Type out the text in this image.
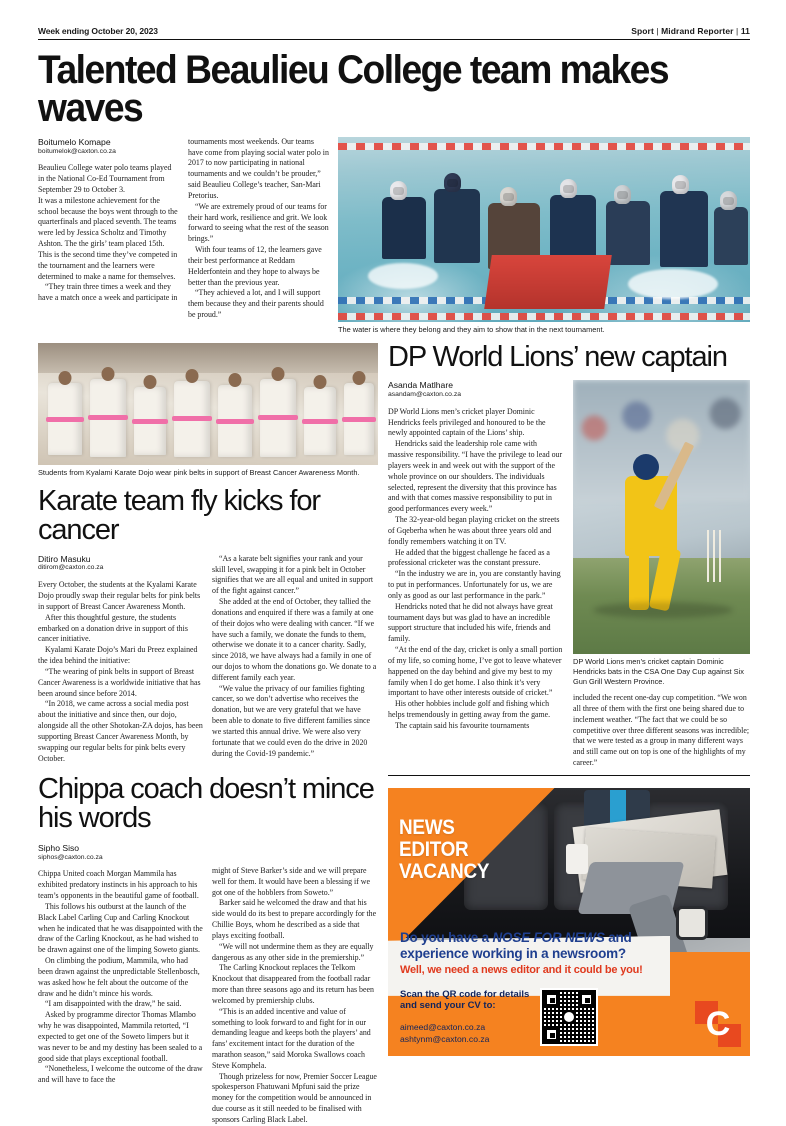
Week ending October 20, 2023	Sport | Midrand Reporter | 11
Talented Beaulieu College team makes waves
Boitumelo Komape
boitumelok@caxton.co.za

Beaulieu College water polo teams played in the National Co-Ed Tournament from September 29 to October 3.

It was a milestone achievement for the school because the boys went through to the quarterfinals and placed seventh. The teams were led by Jessica Scholtz and Timothy Ashton. The the girls’ team placed 15th.

This is the second time they’ve competed in the tournament and the learners were determined to make a name for themselves.

“They train three times a week and they have a match once a week and participate in

tournaments most weekends. Our teams have come from playing social water polo in 2017 to now participating in national tournaments and we couldn’t be prouder,” said Beaulieu College’s teacher, San-Mari Pretorius.

“We are extremely proud of our teams for their hard work, resilience and grit. We look forward to seeing what the rest of the season brings.”

With four teams of 12, the learners gave their best performance at Reddam Helderfontein and they hope to always be better than the previous year.

“They achieved a lot, and I will support them because they and their parents should be proud.”

The water is where they belong and they aim to show that in the next tournament.
Students from Kyalami Karate Dojo wear pink belts in support of Breast Cancer Awareness Month.
Karate team fly kicks for cancer
Ditiro Masuku
ditirom@caxton.co.za

Every October, the students at the Kyalami Karate Dojo proudly swap their regular belts for pink belts in support of Breast Cancer Awareness Month.

After this thoughtful gesture, the students embarked on a donation drive in support of this cancer initiative.

Kyalami Karate Dojo’s Mari du Preez explained the idea behind the initiative:

“The wearing of pink belts in support of Breast Cancer Awareness is a worldwide initiative that has been around since before 2014.

“In 2018, we came across a social media post about the initiative and since then, our dojo, alongside all the other Shotokan-ZA dojos, has been supporting Breast Cancer Awareness Month, by swapping our regular belts for pink belts every October.

“As a karate belt signifies your rank and your skill level, swapping it for a pink belt in October signifies that we are all equal and united in support of the fight against cancer.”

She added at the end of October, they tallied the donations and enquired if there was a family at one of their dojos who were dealing with cancer. “If we have such a family, we donate the funds to them, otherwise we donate it to a cancer charity. Sadly, since 2018, we have always had a family in one of our dojos to whom the donations go. We donate to a different family each year.

“We value the privacy of our families fighting cancer, so we don’t advertise who receives the donation, but we are very grateful that we have been able to donate to five different families since we started this annual drive. We were also very fortunate that we could even do the drive in 2020 during the Covid-19 pandemic.”

DP World Lions’ new captain
Asanda Matlhare
asandam@caxton.co.za

DP World Lions men’s cricket player Dominic Hendricks feels privileged and honoured to be the newly appointed captain of the Lions’ ship.

Hendricks said the leadership role came with massive responsibility. “I have the privilege to lead our players week in and week out with the support of the whole province on our shoulders. The individuals selected, represent the diversity that this province has and with that comes massive responsibility to put in good performances every week.”

The 32-year-old began playing cricket on the streets of Gqeberha when he was about three years old and fondly remembers watching it on TV.

He added that the biggest challenge he faced as a professional cricketer was the constant pressure.

“In the industry we are in, you are constantly having to put in performances. Unfortunately for us, we are only as good as our last performance in the park.”

Hendricks noted that he did not always have great tournament days but was glad to have an incredible support structure that included his wife, friends and family.

“At the end of the day, cricket is only a small portion of my life, so coming home, I’ve got to leave whatever happened on the day behind and give my best to my family when I do get home. I also think it’s very important to have other interests outside of cricket.”

His other hobbies include golf and fishing which helps tremendously in getting away from the game.

The captain said his favourite tournaments

DP World Lions men’s cricket captain Dominic Hendricks bats in the CSA One Day Cup against Six Gun Grill Western Province.

included the recent one-day cup competition. “We won all three of them with the first one being shared due to inclement weather. “The fact that we could be so competitive over three different seasons was incredible; that we were tested as a group in many different ways and still came out on top is one of the highlights of my career.”

Chippa coach doesn’t mince his words
Sipho Siso
siphos@caxton.co.za

Chippa United coach Morgan Mammila has exhibited predatory instincts in his approach to his team’s opponents in the beautiful game of football.

This follows his outburst at the launch of the Black Label Carling Cup and Carling Knockout when he indicated that he was disappointed with the draw of the Carling Knockout, as he had wished to be drawn against one of the limping Soweto giants.

On climbing the podium, Mammila, who had been drawn against the unpredictable Stellenbosch, was asked how he felt about the outcome of the draw and he didn’t mince his words.

“I am disappointed with the draw,” he said.

Asked by programme director Thomas Mlambo why he was disappointed, Mammila retorted, “I expected to get one of the Soweto limpers but it was never to be and my destiny has been sealed to a good side that plays exceptional football.

“Nonetheless, I welcome the outcome of the draw and will have to face the

might of Steve Barker’s side and we will prepare well for them. It would have been a blessing if we got one of the hobblers from Soweto.”

Barker said he welcomed the draw and that his side would do its best to prepare accordingly for the Chillie Boys, whom he described as a side that plays exciting football.

“We will not undermine them as they are equally dangerous as any other side in the premiership.”

The Carling Knockout replaces the Telkom Knockout that disappeared from the football radar more than three seasons ago and its return has been welcomed by premiership clubs.

“This is an added incentive and value of something to look forward to and fight for in our demanding league and keeps both the players’ and fans’ excitement intact for the duration of the marathon season,” said Moroka Swallows coach Steve Komphela.

Though prizeless for now, Premier Soccer League spokesperson Fhatuwani Mpfuni said the prize money for the competition would be announced in due course as it still needed to be finalised with sponsors Carling Black Label.

NEWS
EDITOR
VACANCY
Do you have a NOSE FOR NEWS and
experience working in a newsroom?
Well, we need a news editor and it could be you!
Scan the QR code for details
and send your CV to:
aimeed@caxton.co.za
ashtynm@caxton.co.za	C
